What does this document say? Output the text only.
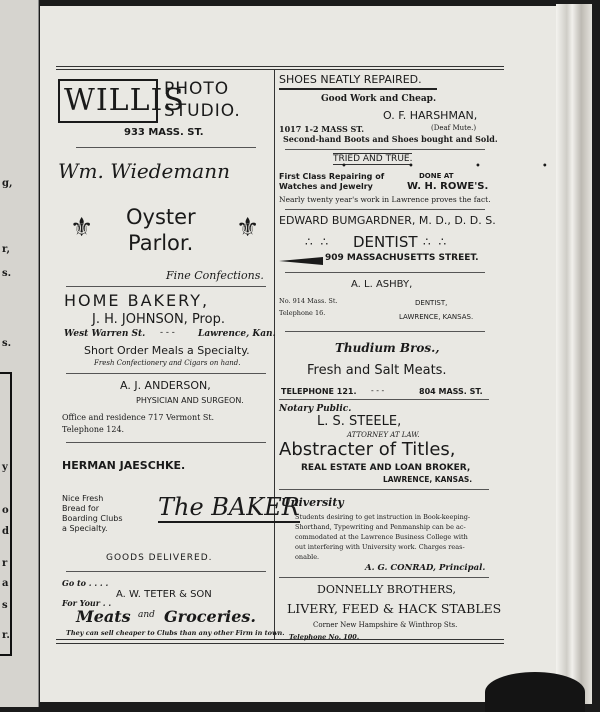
g,
r,
s.
s.
y
o
d
r
a
s
r.
WILLIS
PHOTO
STUDIO.
933 MASS. ST.
Wm. Wiedemann
⚜	⚜
Oyster
Parlor.
Fine Confections.
HOME BAKERY,
J. H. JOHNSON, Prop.
West Warren St. - - -	Lawrence, Kan.
Short Order Meals a Specialty.
Fresh Confectionery and Cigars on hand.
A. J. ANDERSON,
PHYSICIAN AND SURGEON.
Office and residence 717 Vermont St.
Telephone 124.
HERMAN JAESCHKE.
Nice Fresh
Bread for
Boarding Clubs
a Specialty.
The BAKER
GOODS DELIVERED.
Go to . . . .
A. W. TETER & SON
For Your . .
Meats and Groceries.
They can sell cheaper to Clubs than any other Firm in town.
SHOES NEATLY REPAIRED.
Good Work and Cheap.
O. F. HARSHMAN,
1017 1-2 MASS ST.	(Deaf Mute.)
Second-hand Boots and Shoes bought and Sold.
TRIED AND TRUE.
•      •      •      •
First Class Repairing of
Watches and Jewelry
DONE AT
W. H. ROWE'S.
Nearly twenty year's work in Lawrence proves the fact.
EDWARD BUMGARDNER, M. D., D. D. S.
∴ ∴ DENTIST ∴ ∴
909 MASSACHUSETTS STREET.
A. L. ASHBY,
No. 914 Mass. St.	DENTIST,
Telephone 16.	LAWRENCE, KANSAS.
Thudium Bros.,
Fresh and Salt Meats.
TELEPHONE 121. - - -	804 MASS. ST.
Notary Public.
L. S. STEELE,
ATTORNEY AT LAW.
Abstracter of Titles,
REAL ESTATE AND LOAN BROKER,
LAWRENCE, KANSAS.
University
Students desiring to get instruction in Book-keeping-
Shorthand, Typewriting and Penmanship can be ac-
commodated at the Lawrence Business College with
out interfering with University work. Charges reas-
onable.
A. G. CONRAD, Principal.
DONNELLY BROTHERS,
LIVERY, FEED & HACK STABLES
Corner New Hampshire & Winthrop Sts.
Telephone No. 100.
